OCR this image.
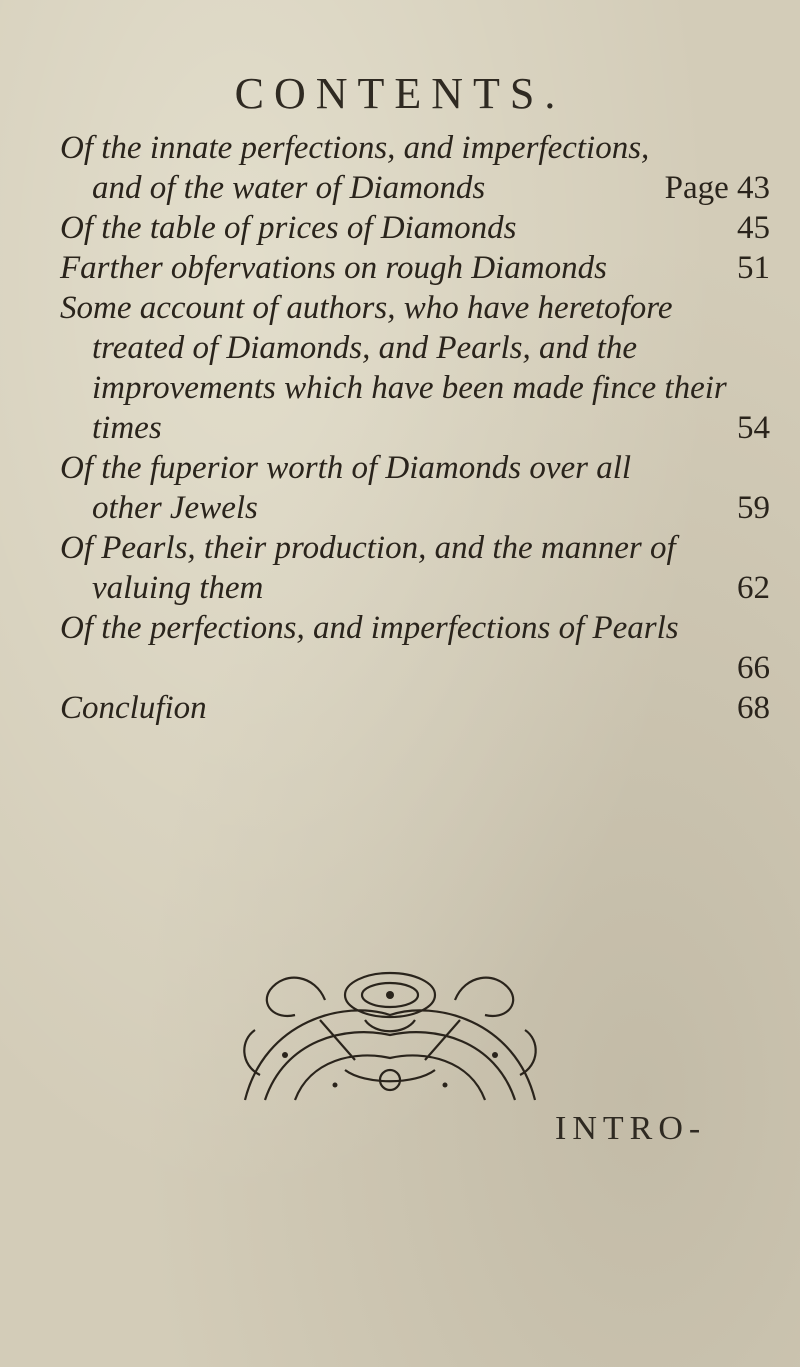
CONTENTS.
Of the innate perfections, and imperfections,
and of the water of Diamonds	Page 43
Of the table of prices of Diamonds	45
Farther obfervations on rough Diamonds	51
Some account of authors, who have heretofore
treated of Diamonds, and Pearls, and the
improvements which have been made fince their
times	54
Of the fuperior worth of Diamonds over all
other Jewels	59
Of Pearls, their production, and the manner of
valuing them	62
Of the perfections, and imperfections of Pearls
66
Conclufion	68
INTRO-
